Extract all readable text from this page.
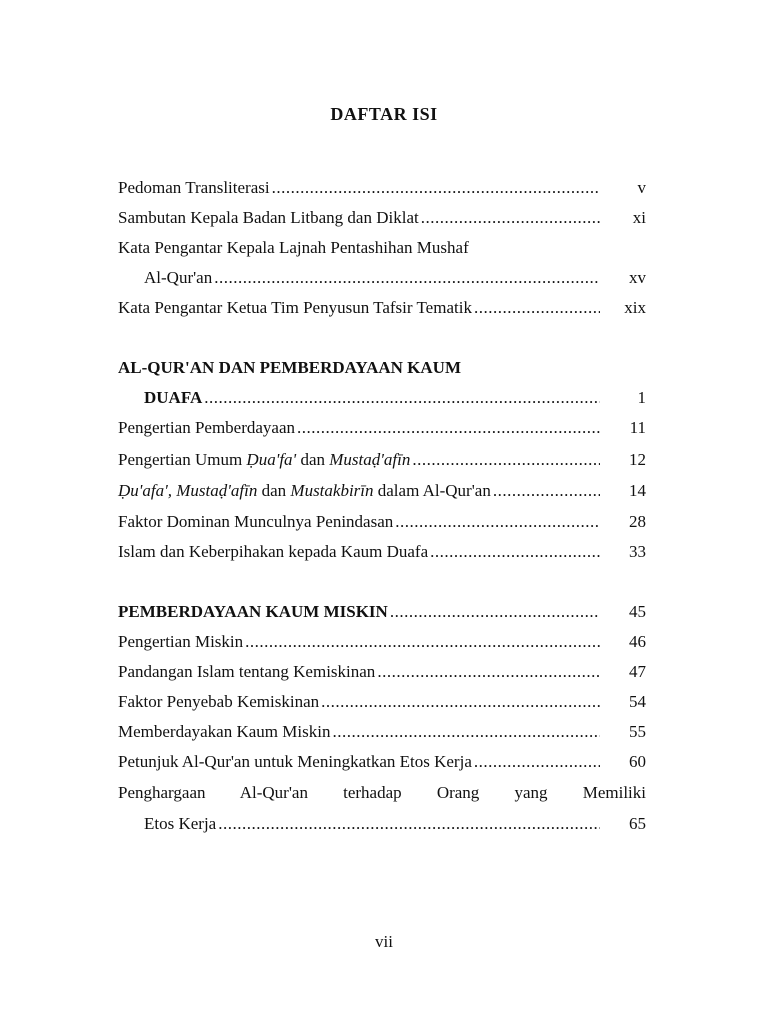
DAFTAR ISI
Pedoman Transliterasi .....	v
Sambutan Kepala Badan Litbang dan Diklat .....	xi
Kata Pengantar Kepala Lajnah Pentashihan Mushaf
Al-Qur'an .....	xv
Kata Pengantar Ketua Tim Penyusun Tafsir Tematik .....	xix
AL-QUR'AN DAN PEMBERDAYAAN KAUM
DUAFA .....	1
Pengertian Pemberdayaan .....	11
Pengertian Umum Ḍua'fa' dan Mustaḍ'afīn .....	12
Ḍu'afa', Mustaḍ'afīn dan Mustakbirīn dalam Al-Qur'an .....	14
Faktor Dominan Munculnya Penindasan .....	28
Islam dan Keberpihakan kepada Kaum Duafa .....	33
PEMBERDAYAAN KAUM MISKIN .....	45
Pengertian Miskin .....	46
Pandangan Islam tentang Kemiskinan .....	47
Faktor Penyebab Kemiskinan .....	54
Memberdayakan Kaum Miskin .....	55
Petunjuk Al-Qur'an untuk Meningkatkan Etos Kerja .....	60
Penghargaan Al-Qur'an terhadap Orang yang Memiliki
Etos Kerja .....	65
vii
